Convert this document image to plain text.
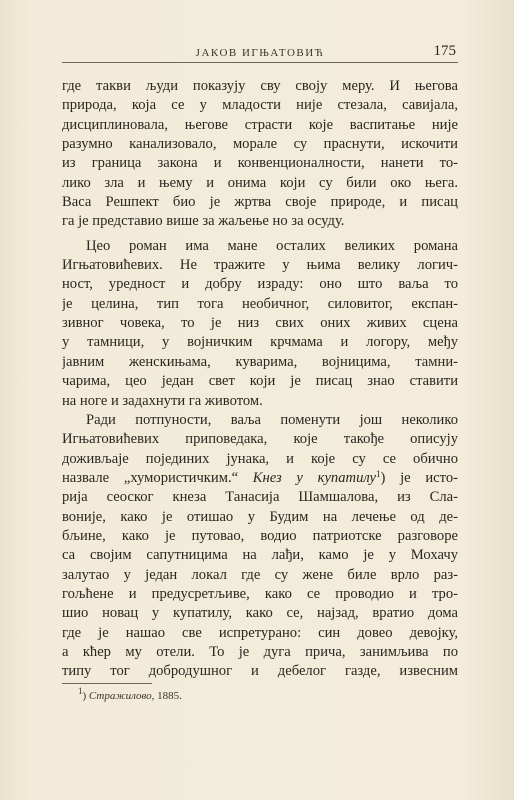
ЈАКОВ ИГЊАТОВИЋ	175
где такви људи показују сву своју меру. И његова
природа, која се у младости није стезала, савијала,
дисциплиновала, његове страсти које васпитање није
разумно канализовало, морале су праснути, искочити
из граница закона и конвенционалности, нанети то-
лико зла и њему и онима који су били око њега.
Васа Решпект био је жртва своје природе, и писац
га је представио више за жаљење но за осуду.
Цео роман има мане осталих великих романа
Игњатовићевих. Не тражите у њима велику логич-
ност, уредност и добру израду: оно што ваља то
је целина, тип тога необичног, силовитог, експан-
зивног човека, то је низ свих оних живих сцена
у тамници, у војничким крчмама и логору, међу
јавним женскињама, куварима, војницима, тамни-
чарима, цео један свет који је писац знао ставити
на ноге и задахнути га животом.
Ради потпуности, ваља поменути још неколико
Игњатовићевих приповедака, које такође описују
доживљаје појединих јунака, и које су се обично
назвале „хумористичким.“ Кнез у купатилу$^1$) је исто-
рија сеоског кнеза Танасија Шамшалова, из Сла-
воније, како је отишао у Будим на лечење од де-
бљине, како је путовао, водио патриотске разговоре
са својим сапутницима на лађи, камо је у Мохачу
залутао у један локал где су жене биле врло раз-
гољћене и предусретљиве, како се проводио и тро-
шио новац у купатилу, како се, најзад, вратио дома
где је нашао све испретурано: син довео девојку,
а кћер му отели. То је дуга прича, занимљива по
типу тог добродушног и дебелог газде, извесним
$^1$) Стражилово, 1885.
